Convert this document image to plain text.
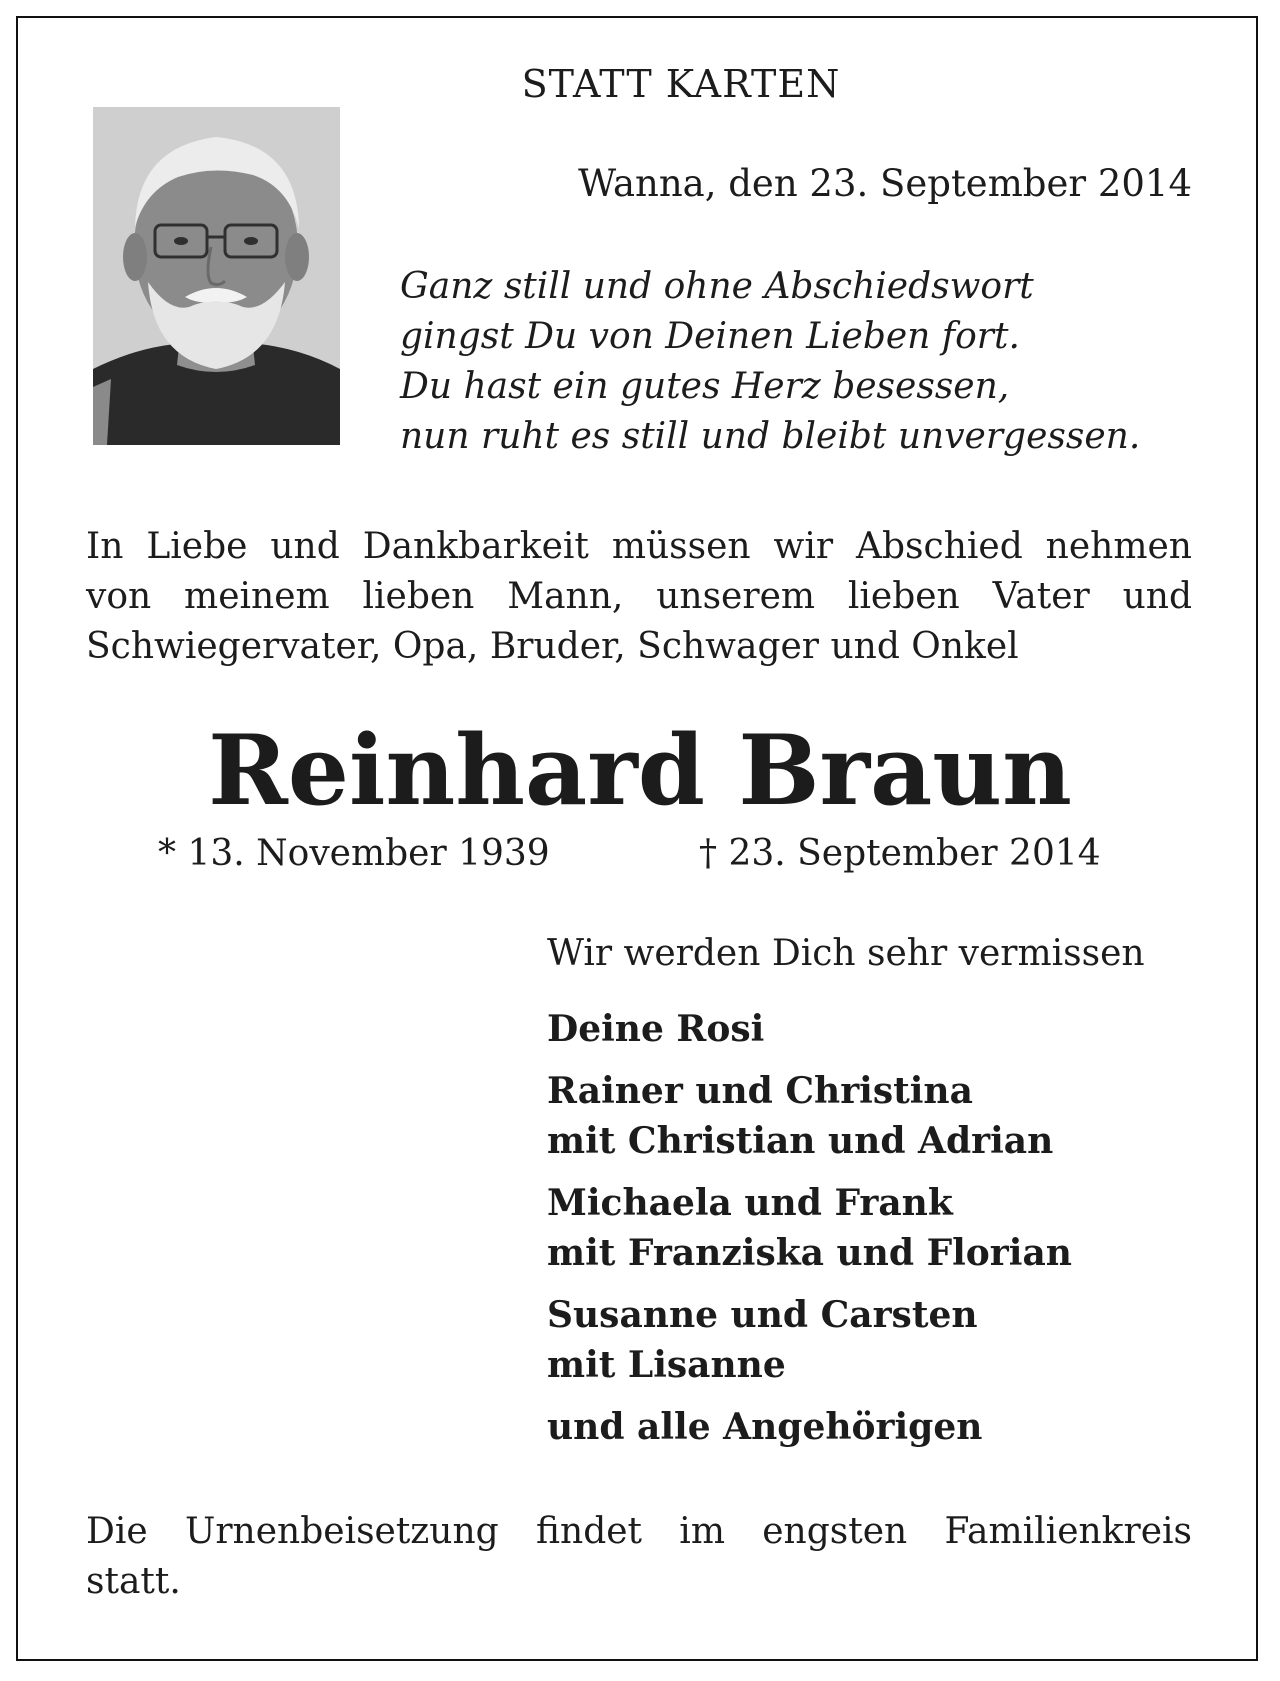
STATT KARTEN
Wanna, den 23. September 2014
Ganz still und ohne Abschiedswort
gingst Du von Deinen Lieben fort.
Du hast ein gutes Herz besessen,
nun ruht es still und bleibt unvergessen.
In Liebe und Dankbarkeit müssen wir Abschied nehmen
von meinem lieben Mann, unserem lieben Vater und
Schwiegervater, Opa, Bruder, Schwager und Onkel
Reinhard Braun
* 13. November 1939	† 23. September 2014
Wir werden Dich sehr vermissen
Deine Rosi
Rainer und Christina
mit Christian und Adrian
Michaela und Frank
mit Franziska und Florian
Susanne und Carsten
mit Lisanne
und alle Angehörigen
Die Urnenbeisetzung findet im engsten Familienkreis
statt.
